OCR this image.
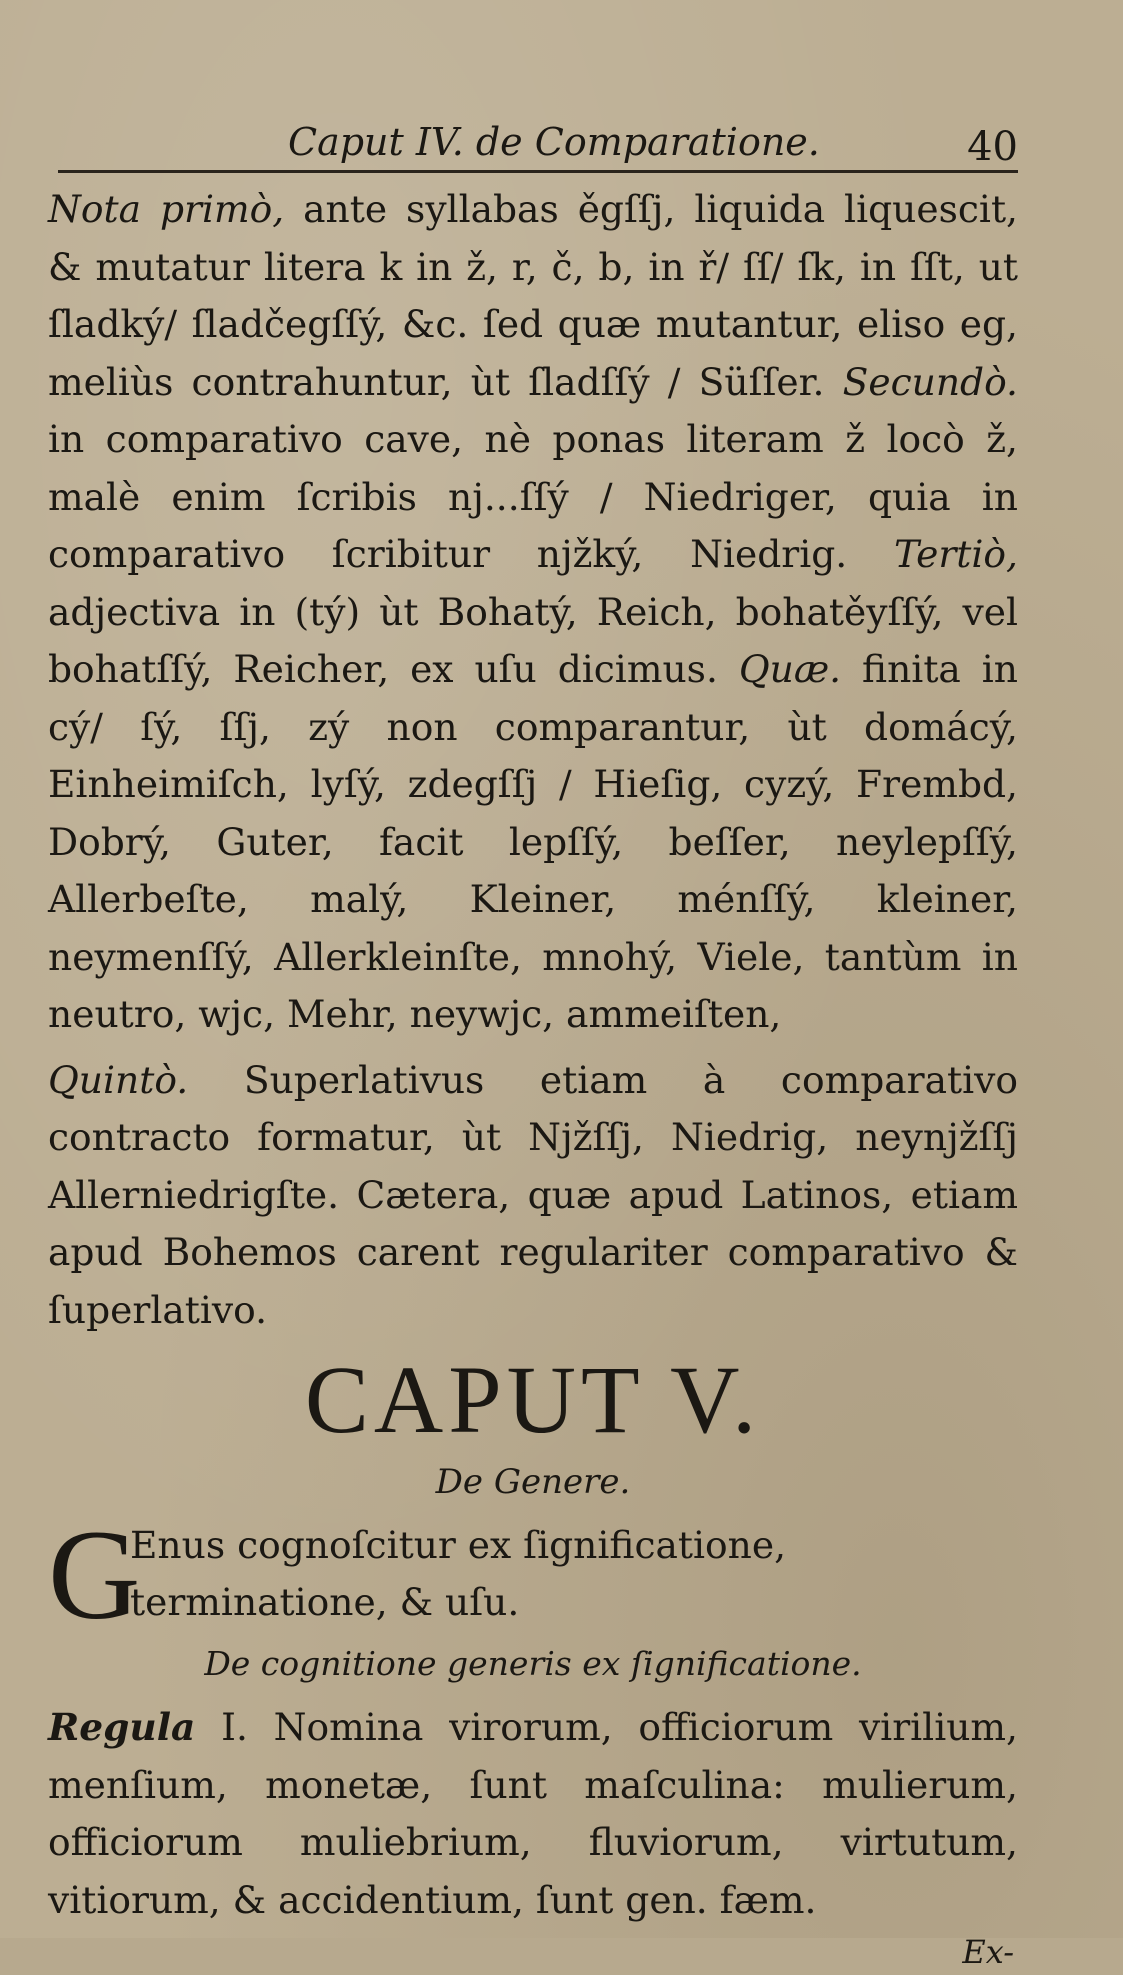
Caput IV. de Comparatione.	40
Nota primò, ante syllabas ěgſſj, liquida liquescit, & mutatur litera k in ž, r, č, b, in ř/ ſſ/ ſk, in ſſt, ut ſladký/ ſladčegſſý, &c. ſed quæ mutantur, eliso eg, meliùs contrahuntur, ùt ſladſſý / Süſſer. Secundò. in comparativo cave, nè ponas literam ž locò ž, malè enim ſcribis nj...ſſý / Niedriger, quia in comparativo ſcribitur njžký, Niedrig. Tertiò, adjectiva in (tý) ùt Bohatý, Reich, bohatěyſſý, vel bohatſſý, Reicher, ex uſu dicimus. Quæ. finita in cý/ ſý, ſſj, zý non comparantur, ùt domácý, Einheimiſch, lyſý, zdegſſj / Hieſig, cyzý, Frembd, Dobrý, Guter, facit lepſſý, beſſer, neylepſſý, Allerbeſte, malý, Kleiner, ménſſý, kleiner, neymenſſý, Allerkleinſte, mnohý, Viele, tantùm in neutro, wjc, Mehr, neywjc, ammeiſten,
Quintò. Superlativus etiam à comparativo contracto formatur, ùt Njžſſj, Niedrig, neynjžſſj Allerniedrigſte. Cætera, quæ apud Latinos, etiam apud Bohemos carent regulariter comparativo & ſuperlativo.
CAPUT V.
De Genere.
G
Enus cognoſcitur ex ſignificatione, terminatione, & uſu.
De cognitione generis ex ſignificatione.
Regula I. Nomina virorum, officiorum virilium, menſium, monetæ, ſunt maſculina: mulierum, officiorum muliebrium, fluviorum, virtutum, vitiorum, & accidentium, ſunt gen. fæm.
Ex-
